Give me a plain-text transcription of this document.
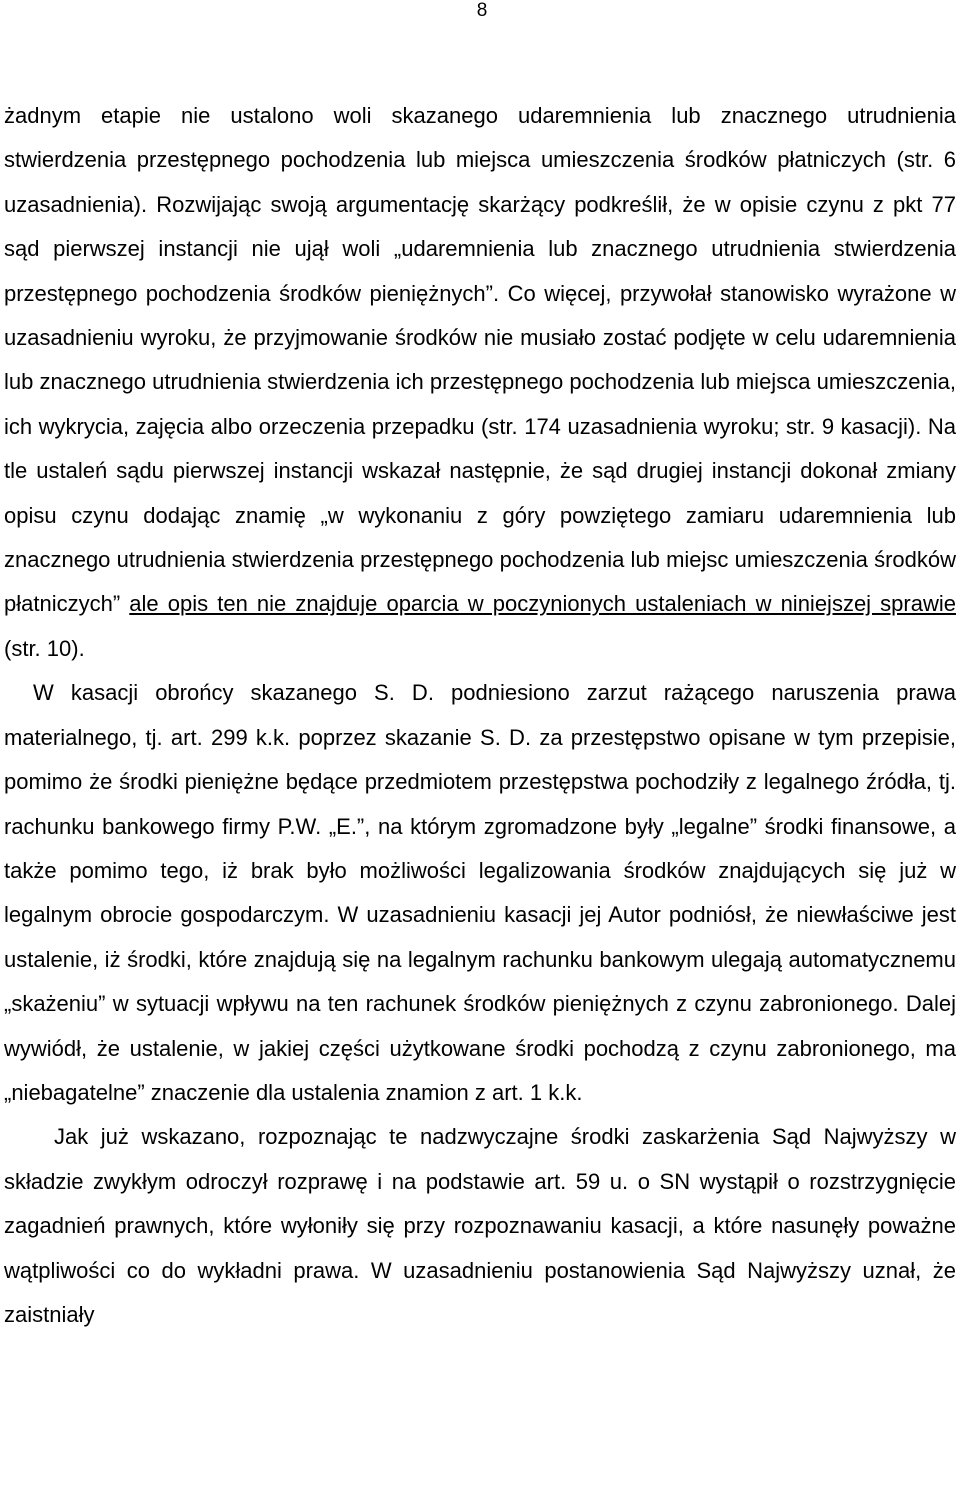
8

żadnym etapie nie ustalono woli skazanego udaremnienia lub znacznego utrudnienia stwierdzenia przestępnego pochodzenia lub miejsca umieszczenia środków płatniczych (str. 6 uzasadnienia). Rozwijając swoją argumentację skarżący podkreślił, że w opisie czynu z pkt 77 sąd pierwszej instancji nie ujął woli „udaremnienia lub znacznego utrudnienia stwierdzenia przestępnego pochodzenia środków pieniężnych”. Co więcej, przywołał stanowisko wyrażone w uzasadnieniu wyroku, że przyjmowanie środków nie musiało zostać podjęte w celu udaremnienia lub znacznego utrudnienia stwierdzenia ich przestępnego pochodzenia lub miejsca umieszczenia, ich wykrycia, zajęcia albo orzeczenia przepadku (str. 174 uzasadnienia wyroku; str. 9 kasacji). Na tle ustaleń sądu pierwszej instancji wskazał następnie, że sąd drugiej instancji dokonał zmiany opisu czynu dodając znamię „w wykonaniu z góry powziętego zamiaru udaremnienia lub znacznego utrudnienia stwierdzenia przestępnego pochodzenia lub miejsc umieszczenia środków płatniczych” ale opis ten nie znajduje oparcia w poczynionych ustaleniach w niniejszej sprawie (str. 10).

W kasacji obrońcy skazanego S. D. podniesiono zarzut rażącego naruszenia prawa materialnego, tj. art. 299 k.k. poprzez skazanie S. D. za przestępstwo opisane w tym przepisie, pomimo że środki pieniężne będące przedmiotem przestępstwa pochodziły z legalnego źródła, tj. rachunku bankowego firmy P.W. „E.”, na którym zgromadzone były „legalne” środki finansowe, a także pomimo tego, iż brak było możliwości legalizowania środków znajdujących się już w legalnym obrocie gospodarczym. W uzasadnieniu kasacji jej Autor podniósł, że niewłaściwe jest ustalenie, iż środki, które znajdują się na legalnym rachunku bankowym ulegają automatycznemu „skażeniu” w sytuacji wpływu na ten rachunek środków pieniężnych z czynu zabronionego. Dalej wywiódł, że ustalenie, w jakiej części użytkowane środki pochodzą z czynu zabronionego, ma „niebagatelne” znaczenie dla ustalenia znamion z art. 1 k.k.

Jak już wskazano, rozpoznając te nadzwyczajne środki zaskarżenia Sąd Najwyższy w składzie zwykłym odroczył rozprawę i na podstawie art. 59 u. o SN wystąpił o rozstrzygnięcie zagadnień prawnych, które wyłoniły się przy rozpoznawaniu kasacji, a które nasunęły poważne wątpliwości co do wykładni prawa. W uzasadnieniu postanowienia Sąd Najwyższy uznał, że zaistniały
